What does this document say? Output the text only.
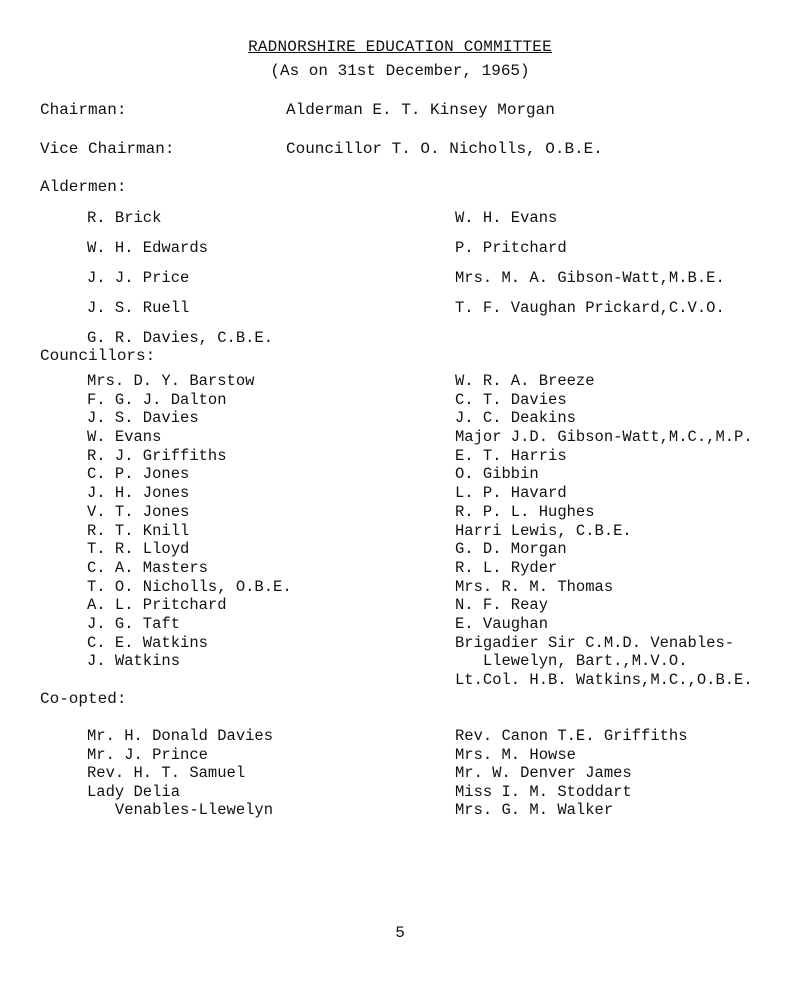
RADNORSHIRE EDUCATION COMMITTEE
(As on 31st December, 1965)
Chairman:	Alderman E. T. Kinsey Morgan
Vice Chairman:	Councillor T. O. Nicholls, O.B.E.
Aldermen:
R. Brick
W. H. Edwards
J. J. Price
J. S. Ruell
G. R. Davies, C.B.E.
W. H. Evans
P. Pritchard
Mrs. M. A. Gibson-Watt,M.B.E.
T. F. Vaughan Prickard,C.V.O.
Councillors:
Mrs. D. Y. Barstow
F. G. J. Dalton
J. S. Davies
W. Evans
R. J. Griffiths
C. P. Jones
J. H. Jones
V. T. Jones
R. T. Knill
T. R. Lloyd
C. A. Masters
T. O. Nicholls, O.B.E.
A. L. Pritchard
J. G. Taft
C. E. Watkins
J. Watkins
W. R. A. Breeze
C. T. Davies
J. C. Deakins
Major J.D. Gibson-Watt,M.C.,M.P.
E. T. Harris
O. Gibbin
L. P. Havard
R. P. L. Hughes
Harri Lewis, C.B.E.
G. D. Morgan
R. L. Ryder
Mrs. R. M. Thomas
N. F. Reay
E. Vaughan
Brigadier Sir C.M.D. Venables-
Llewelyn, Bart.,M.V.O.
Lt.Col. H.B. Watkins,M.C.,O.B.E.
Co-opted:
Mr. H. Donald Davies
Mr. J. Prince
Rev. H. T. Samuel
Lady Delia
Venables-Llewelyn
Rev. Canon T.E. Griffiths
Mrs. M. Howse
Mr. W. Denver James
Miss I. M. Stoddart
Mrs. G. M. Walker
5
